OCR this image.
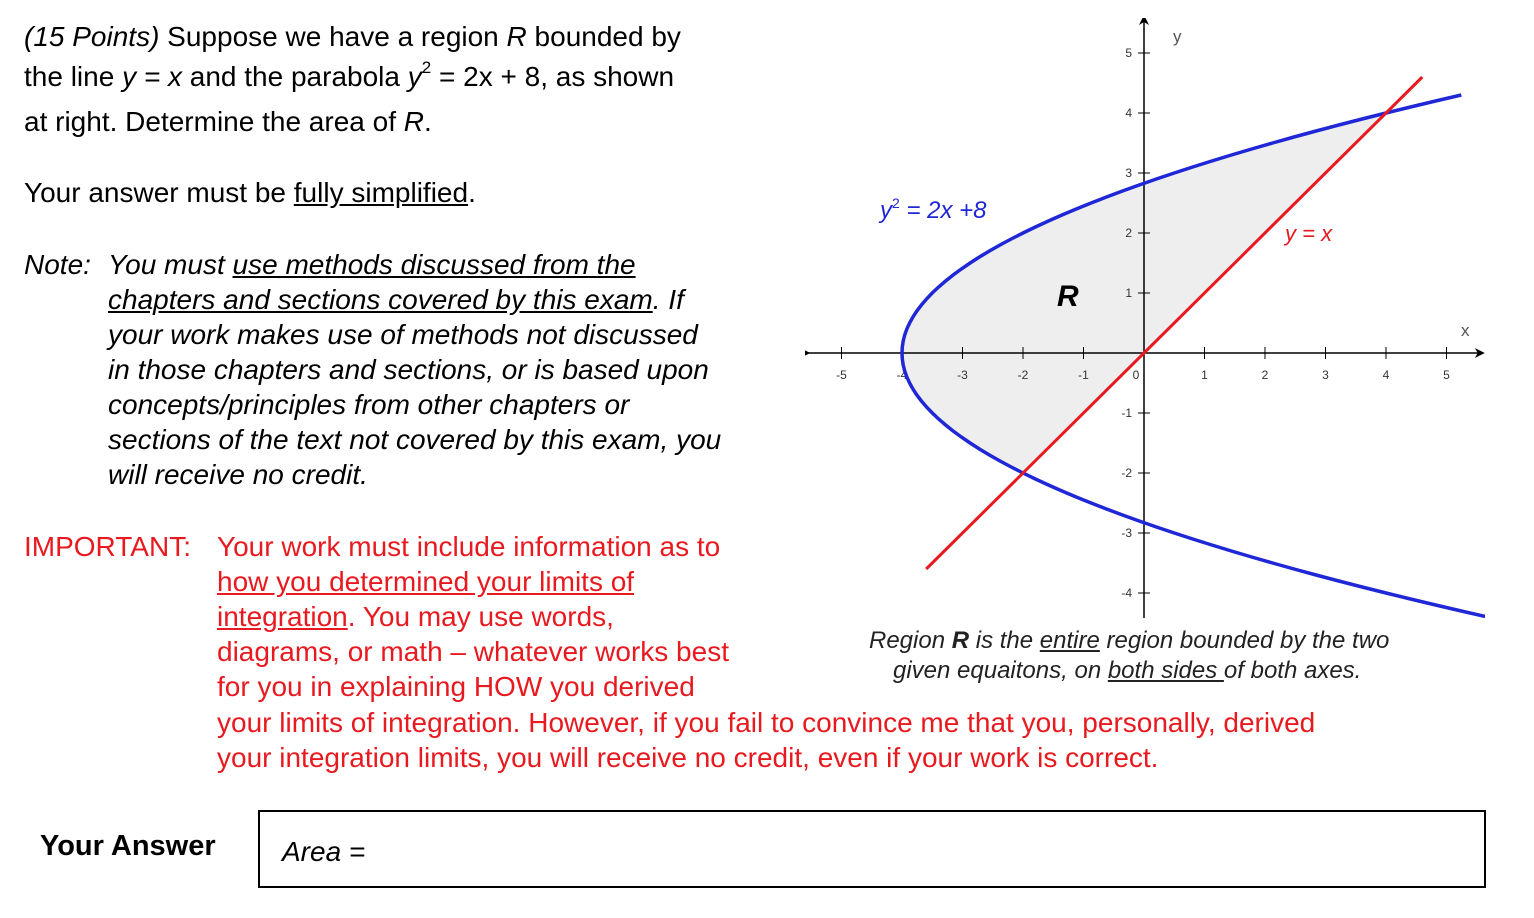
(15 Points) Suppose we have a region R bounded by
the line y = x and the parabola $y^2 = 2x + 8$, as shown
at right. Determine the area of R.
Your answer must be fully simplified.
Note: You must use methods discussed from the
chapters and sections covered by this exam. If
your work makes use of methods not discussed
in those chapters and sections, or is based upon
concepts/principles from other chapters or
sections of the text not covered by this exam, you
will receive no credit.
IMPORTANT: Your work must include information as to
how you determined your limits of
integration. You may use words,
diagrams, or math – whatever works best
for you in explaining HOW you derived
your limits of integration. However, if you fail to convince me that you, personally, derived
your integration limits, you will receive no credit, even if your work is correct.
-5	-4	-3	-2	-1	0	1	2	3	4	5
-4
-3
-2
-1
1
2
3
4
5
x
y
$y^2 = 2x +8$
y = x
R
Region R is the entire region bounded by the two
given equaitons, on both sides of both axes.
Your Answer Area =
